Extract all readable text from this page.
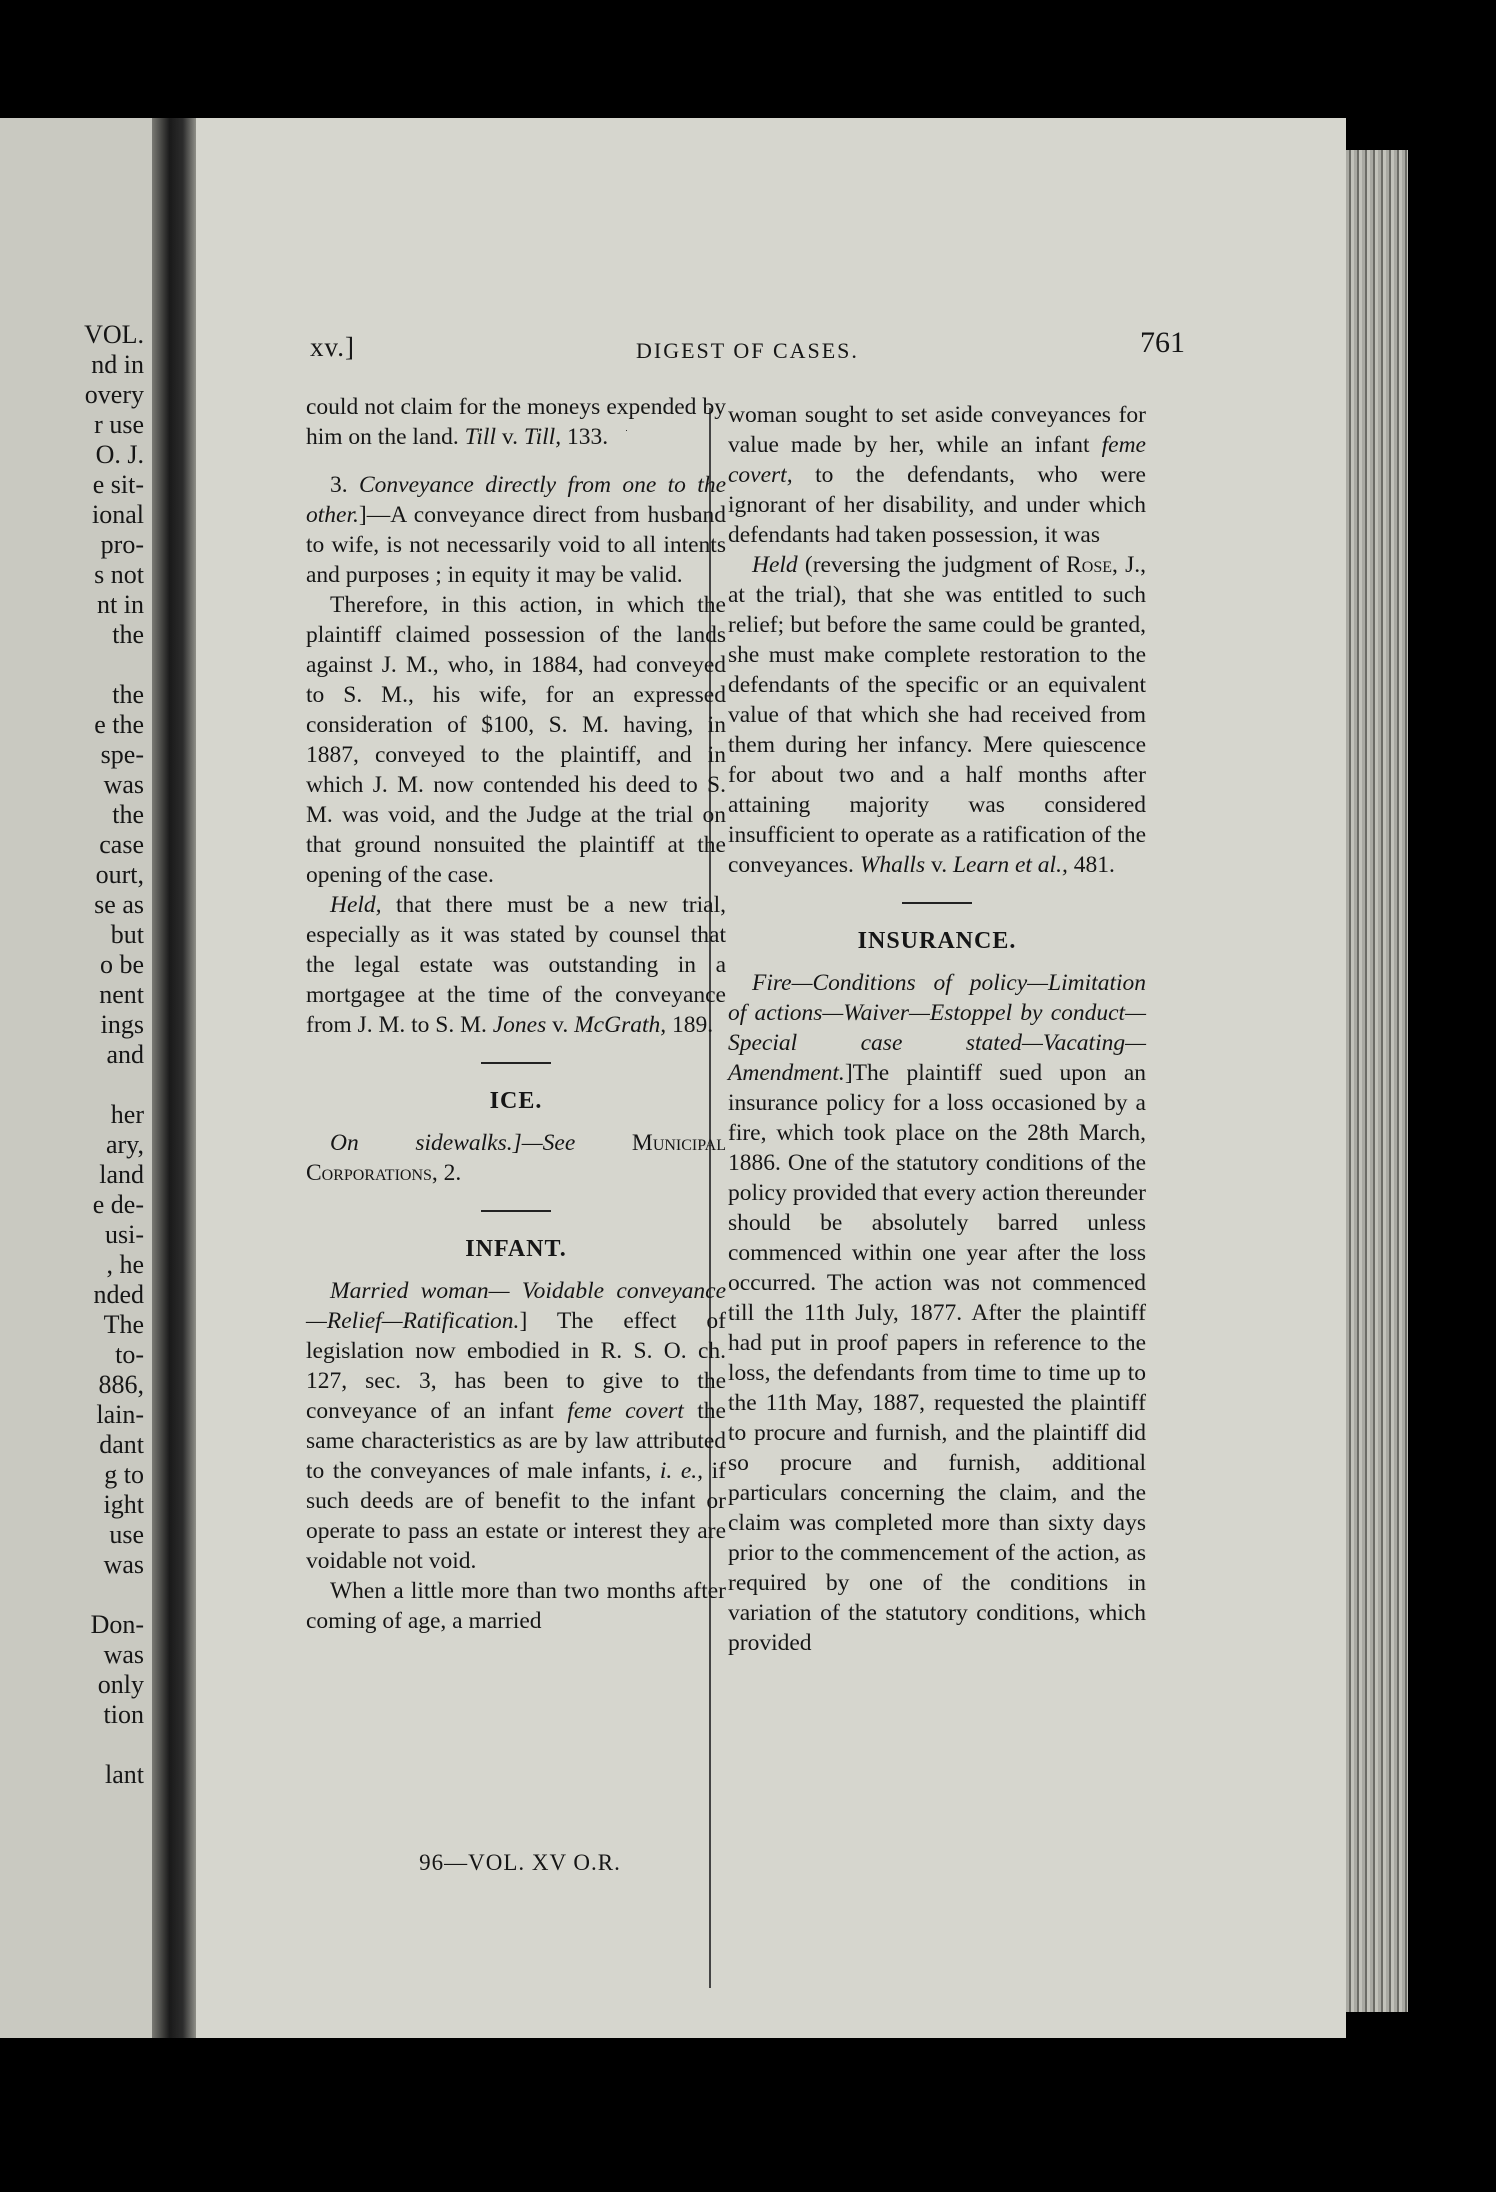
VOL.
nd in
overy
r use
O. J.
e sit-
ional
pro-
s not
nt in
the
the
e the
spe-
was
the
case
ourt,
se as
but
o be
nent
ings
and
her
ary,
land
e de-
usi-
, he
nded
The
to-
886,
lain-
dant
g to
ight
use
was
Don-
was
only
tion
lant
xv.]	DIGEST OF CASES.	761

could not claim for the moneys expended by him on the land. Till v. Till, 133.

3. Conveyance directly from one to the other.]—A conveyance direct from husband to wife, is not necessarily void to all intents and purposes ; in equity it may be valid.

Therefore, in this action, in which the plaintiff claimed possession of the lands against J. M., who, in 1884, had conveyed to S. M., his wife, for an expressed consideration of $100, S. M. having, in 1887, conveyed to the plaintiff, and in which J. M. now contended his deed to S. M. was void, and the Judge at the trial on that ground nonsuited the plaintiff at the opening of the case.

Held, that there must be a new trial, especially as it was stated by counsel that the legal estate was outstanding in a mortgagee at the time of the conveyance from J. M. to S. M. Jones v. McGrath, 189.

ICE.

On sidewalks.]—See Municipal Corporations, 2.

INFANT.

Married woman— Voidable conveyance—Relief—Ratification.] The effect of legislation now embodied in R. S. O. ch. 127, sec. 3, has been to give to the conveyance of an infant feme covert the same characteristics as are by law attributed to the conveyances of male infants, i. e., if such deeds are of benefit to the infant or operate to pass an estate or interest they are voidable not void.

When a little more than two months after coming of age, a married

96—VOL. XV O.R.

woman sought to set aside conveyances for value made by her, while an infant feme covert, to the defendants, who were ignorant of her disability, and under which defendants had taken possession, it was

Held (reversing the judgment of Rose, J., at the trial), that she was entitled to such relief; but before the same could be granted, she must make complete restoration to the defendants of the specific or an equivalent value of that which she had received from them during her infancy. Mere quiescence for about two and a half months after attaining majority was considered insufficient to operate as a ratification of the conveyances. Whalls v. Learn et al., 481.

INSURANCE.

Fire—Conditions of policy—Limitation of actions—Waiver—Estoppel by conduct—Special case stated—Vacating—Amendment.]The plaintiff sued upon an insurance policy for a loss occasioned by a fire, which took place on the 28th March, 1886. One of the statutory conditions of the policy provided that every action thereunder should be absolutely barred unless commenced within one year after the loss occurred. The action was not commenced till the 11th July, 1877. After the plaintiff had put in proof papers in reference to the loss, the defendants from time to time up to the 11th May, 1887, requested the plaintiff to procure and furnish, and the plaintiff did so procure and furnish, additional particulars concerning the claim, and the claim was completed more than sixty days prior to the commencement of the action, as required by one of the conditions in variation of the statutory conditions, which provided
